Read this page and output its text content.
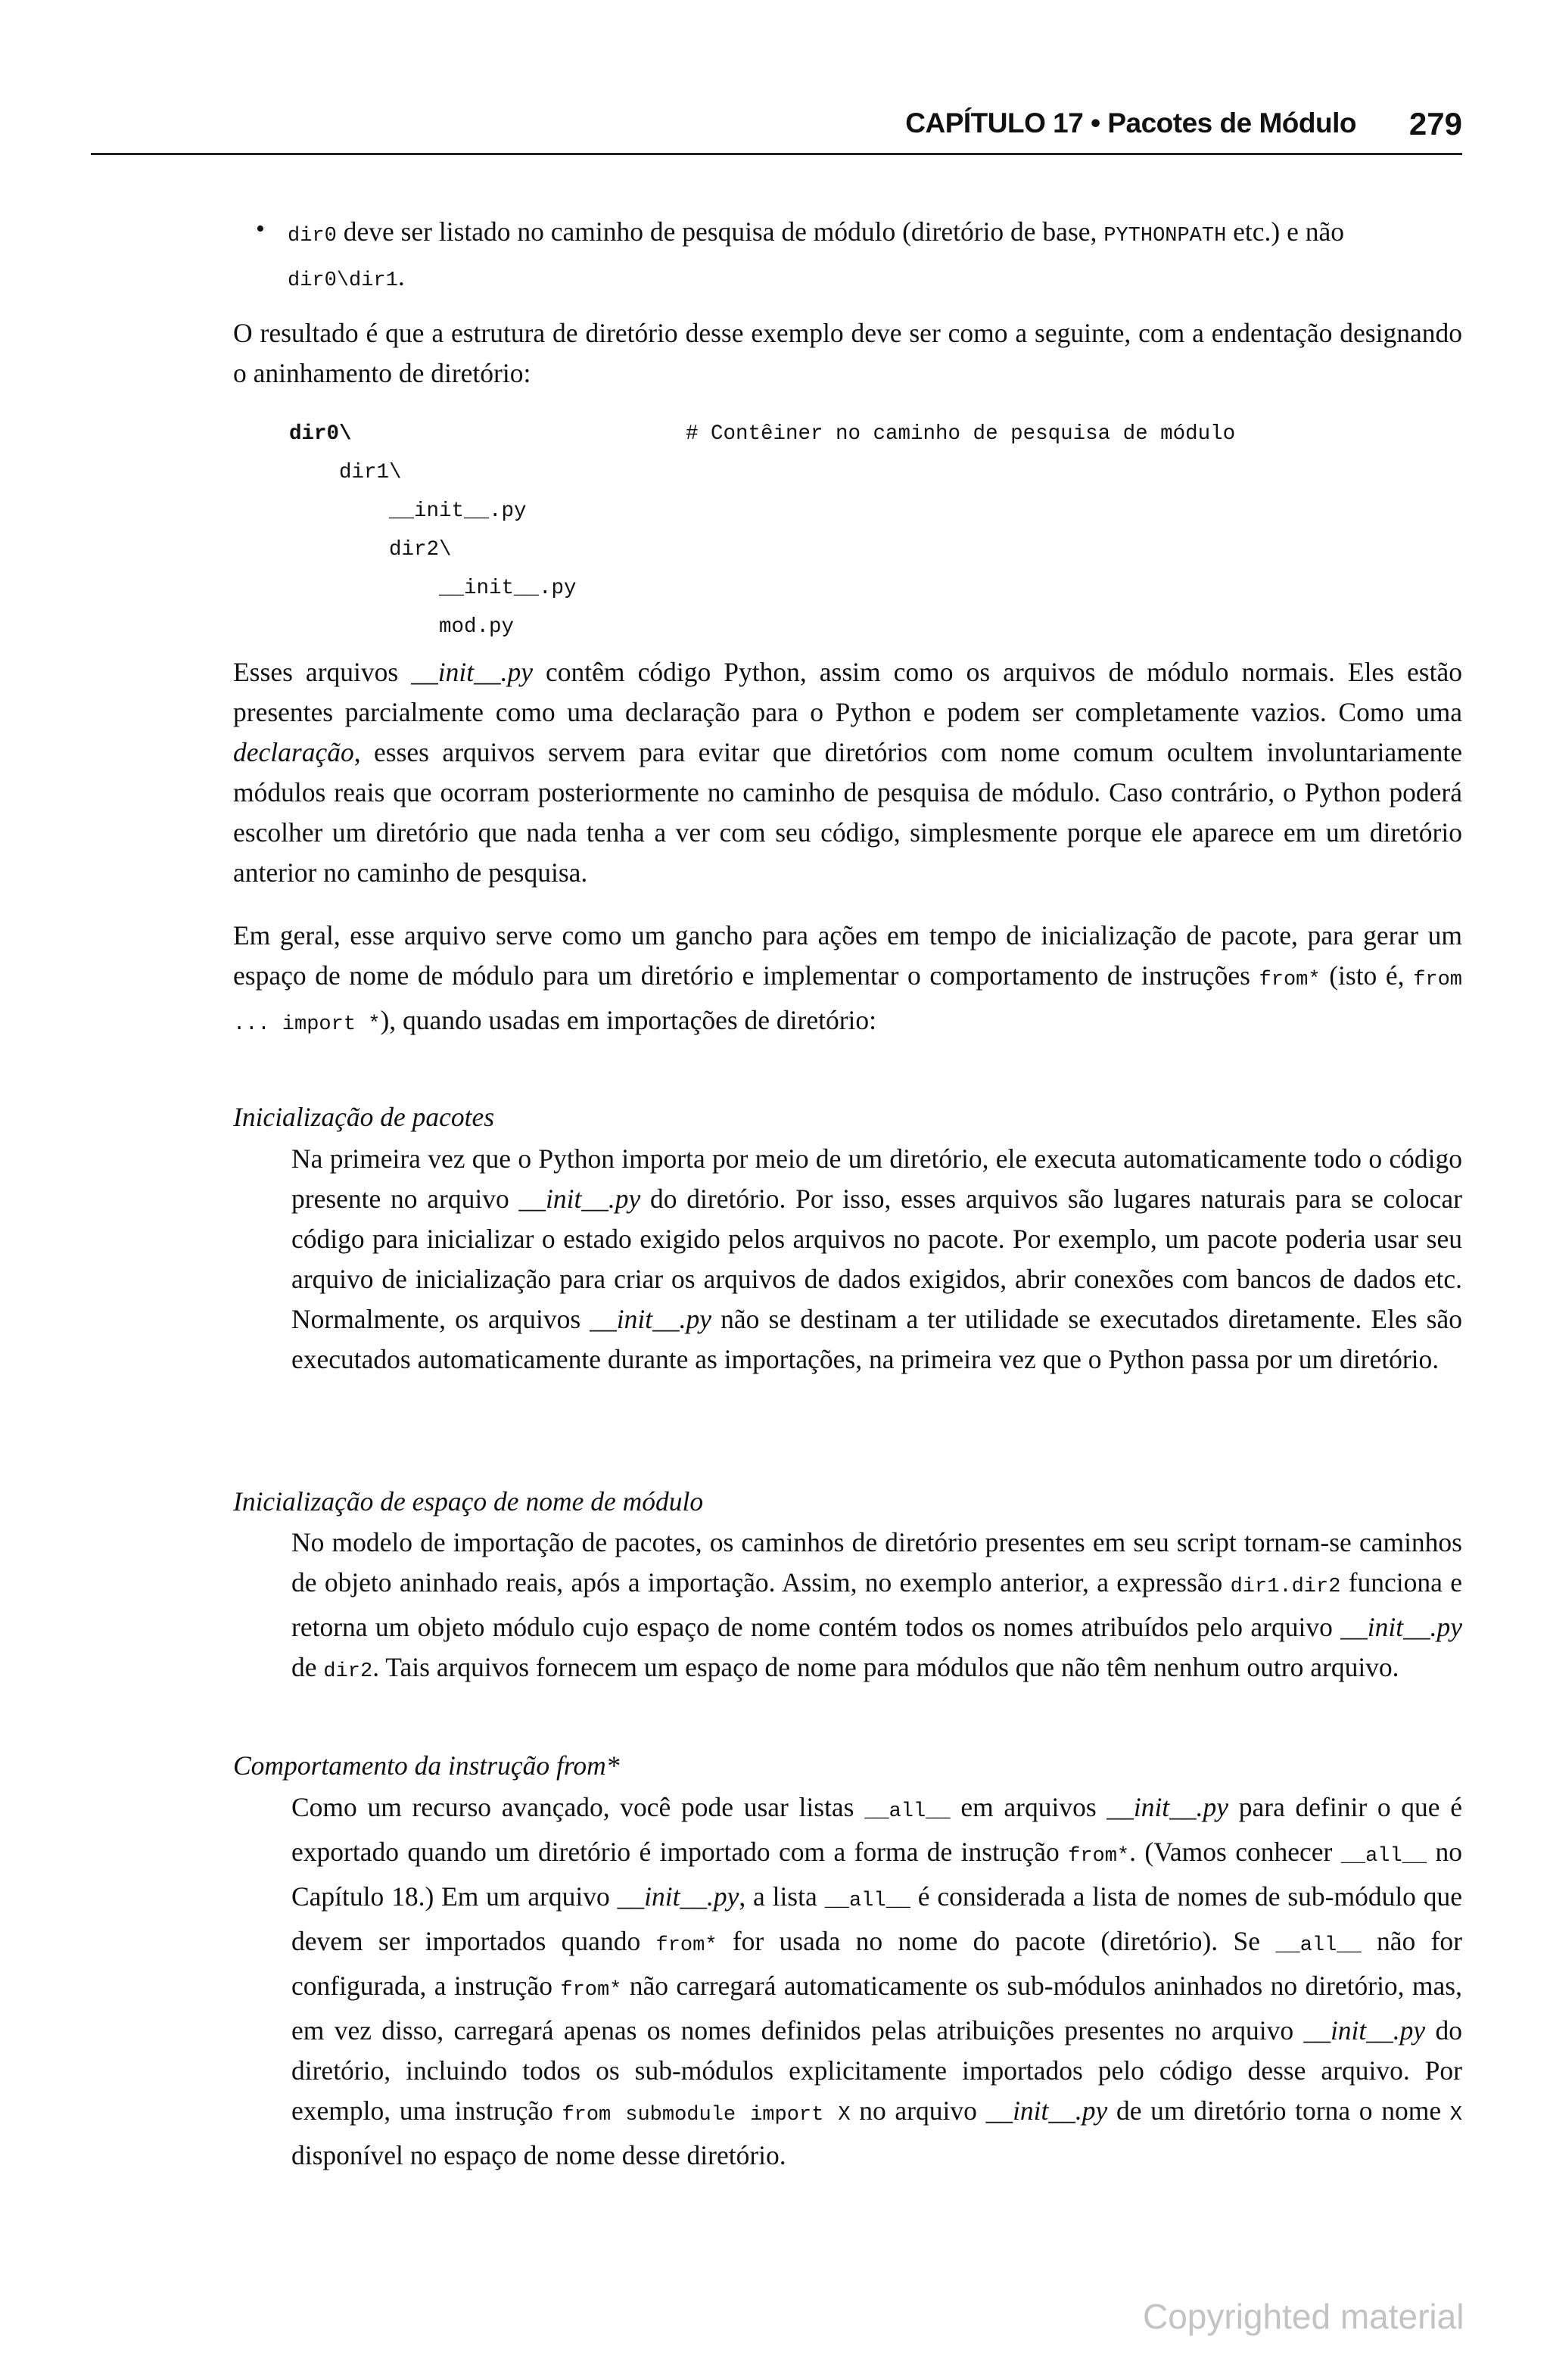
CAPÍTULO 17 • Pacotes de Módulo 279
• dir0 deve ser listado no caminho de pesquisa de módulo (diretório de base, PYTHONPATH etc.) e não dir0\dir1.
O resultado é que a estrutura de diretório desse exemplo deve ser como a seguinte, com a endentação designando o aninhamento de diretório:
dir0\
dir1\
__init__.py
dir2\
__init__.py
mod.py
# Contêiner no caminho de pesquisa de módulo
Esses arquivos __init__.py contêm código Python, assim como os arquivos de módulo normais. Eles estão presentes parcialmente como uma declaração para o Python e podem ser completamente vazios. Como uma declaração, esses arquivos servem para evitar que diretórios com nome comum ocultem involuntariamente módulos reais que ocorram posteriormente no caminho de pesquisa de módulo. Caso contrário, o Python poderá escolher um diretório que nada tenha a ver com seu código, simplesmente porque ele aparece em um diretório anterior no caminho de pesquisa.
Em geral, esse arquivo serve como um gancho para ações em tempo de inicialização de pacote, para gerar um espaço de nome de módulo para um diretório e implementar o comportamento de instruções from* (isto é, from ... import *), quando usadas em importações de diretório:
Inicialização de pacotes
Na primeira vez que o Python importa por meio de um diretório, ele executa automaticamente todo o código presente no arquivo __init__.py do diretório. Por isso, esses arquivos são lugares naturais para se colocar código para inicializar o estado exigido pelos arquivos no pacote. Por exemplo, um pacote poderia usar seu arquivo de inicialização para criar os arquivos de dados exigidos, abrir conexões com bancos de dados etc. Normalmente, os arquivos __init__.py não se destinam a ter utilidade se executados diretamente. Eles são executados automaticamente durante as importações, na primeira vez que o Python passa por um diretório.
Inicialização de espaço de nome de módulo
No modelo de importação de pacotes, os caminhos de diretório presentes em seu script tornam-se caminhos de objeto aninhado reais, após a importação. Assim, no exemplo anterior, a expressão dir1.dir2 funciona e retorna um objeto módulo cujo espaço de nome contém todos os nomes atribuídos pelo arquivo __init__.py de dir2. Tais arquivos fornecem um espaço de nome para módulos que não têm nenhum outro arquivo.
Comportamento da instrução from*
Como um recurso avançado, você pode usar listas __all__ em arquivos __init__.py para definir o que é exportado quando um diretório é importado com a forma de instrução from*. (Vamos conhecer __all__ no Capítulo 18.) Em um arquivo __init__.py, a lista __all__ é considerada a lista de nomes de sub-módulo que devem ser importados quando from* for usada no nome do pacote (diretório). Se __all__ não for configurada, a instrução from* não carregará automaticamente os sub-módulos aninhados no diretório, mas, em vez disso, carregará apenas os nomes definidos pelas atribuições presentes no arquivo __init__.py do diretório, incluindo todos os sub-módulos explicitamente importados pelo código desse arquivo. Por exemplo, uma instrução from submodule import X no arquivo __init__.py de um diretório torna o nome X disponível no espaço de nome desse diretório.
Copyrighted material
